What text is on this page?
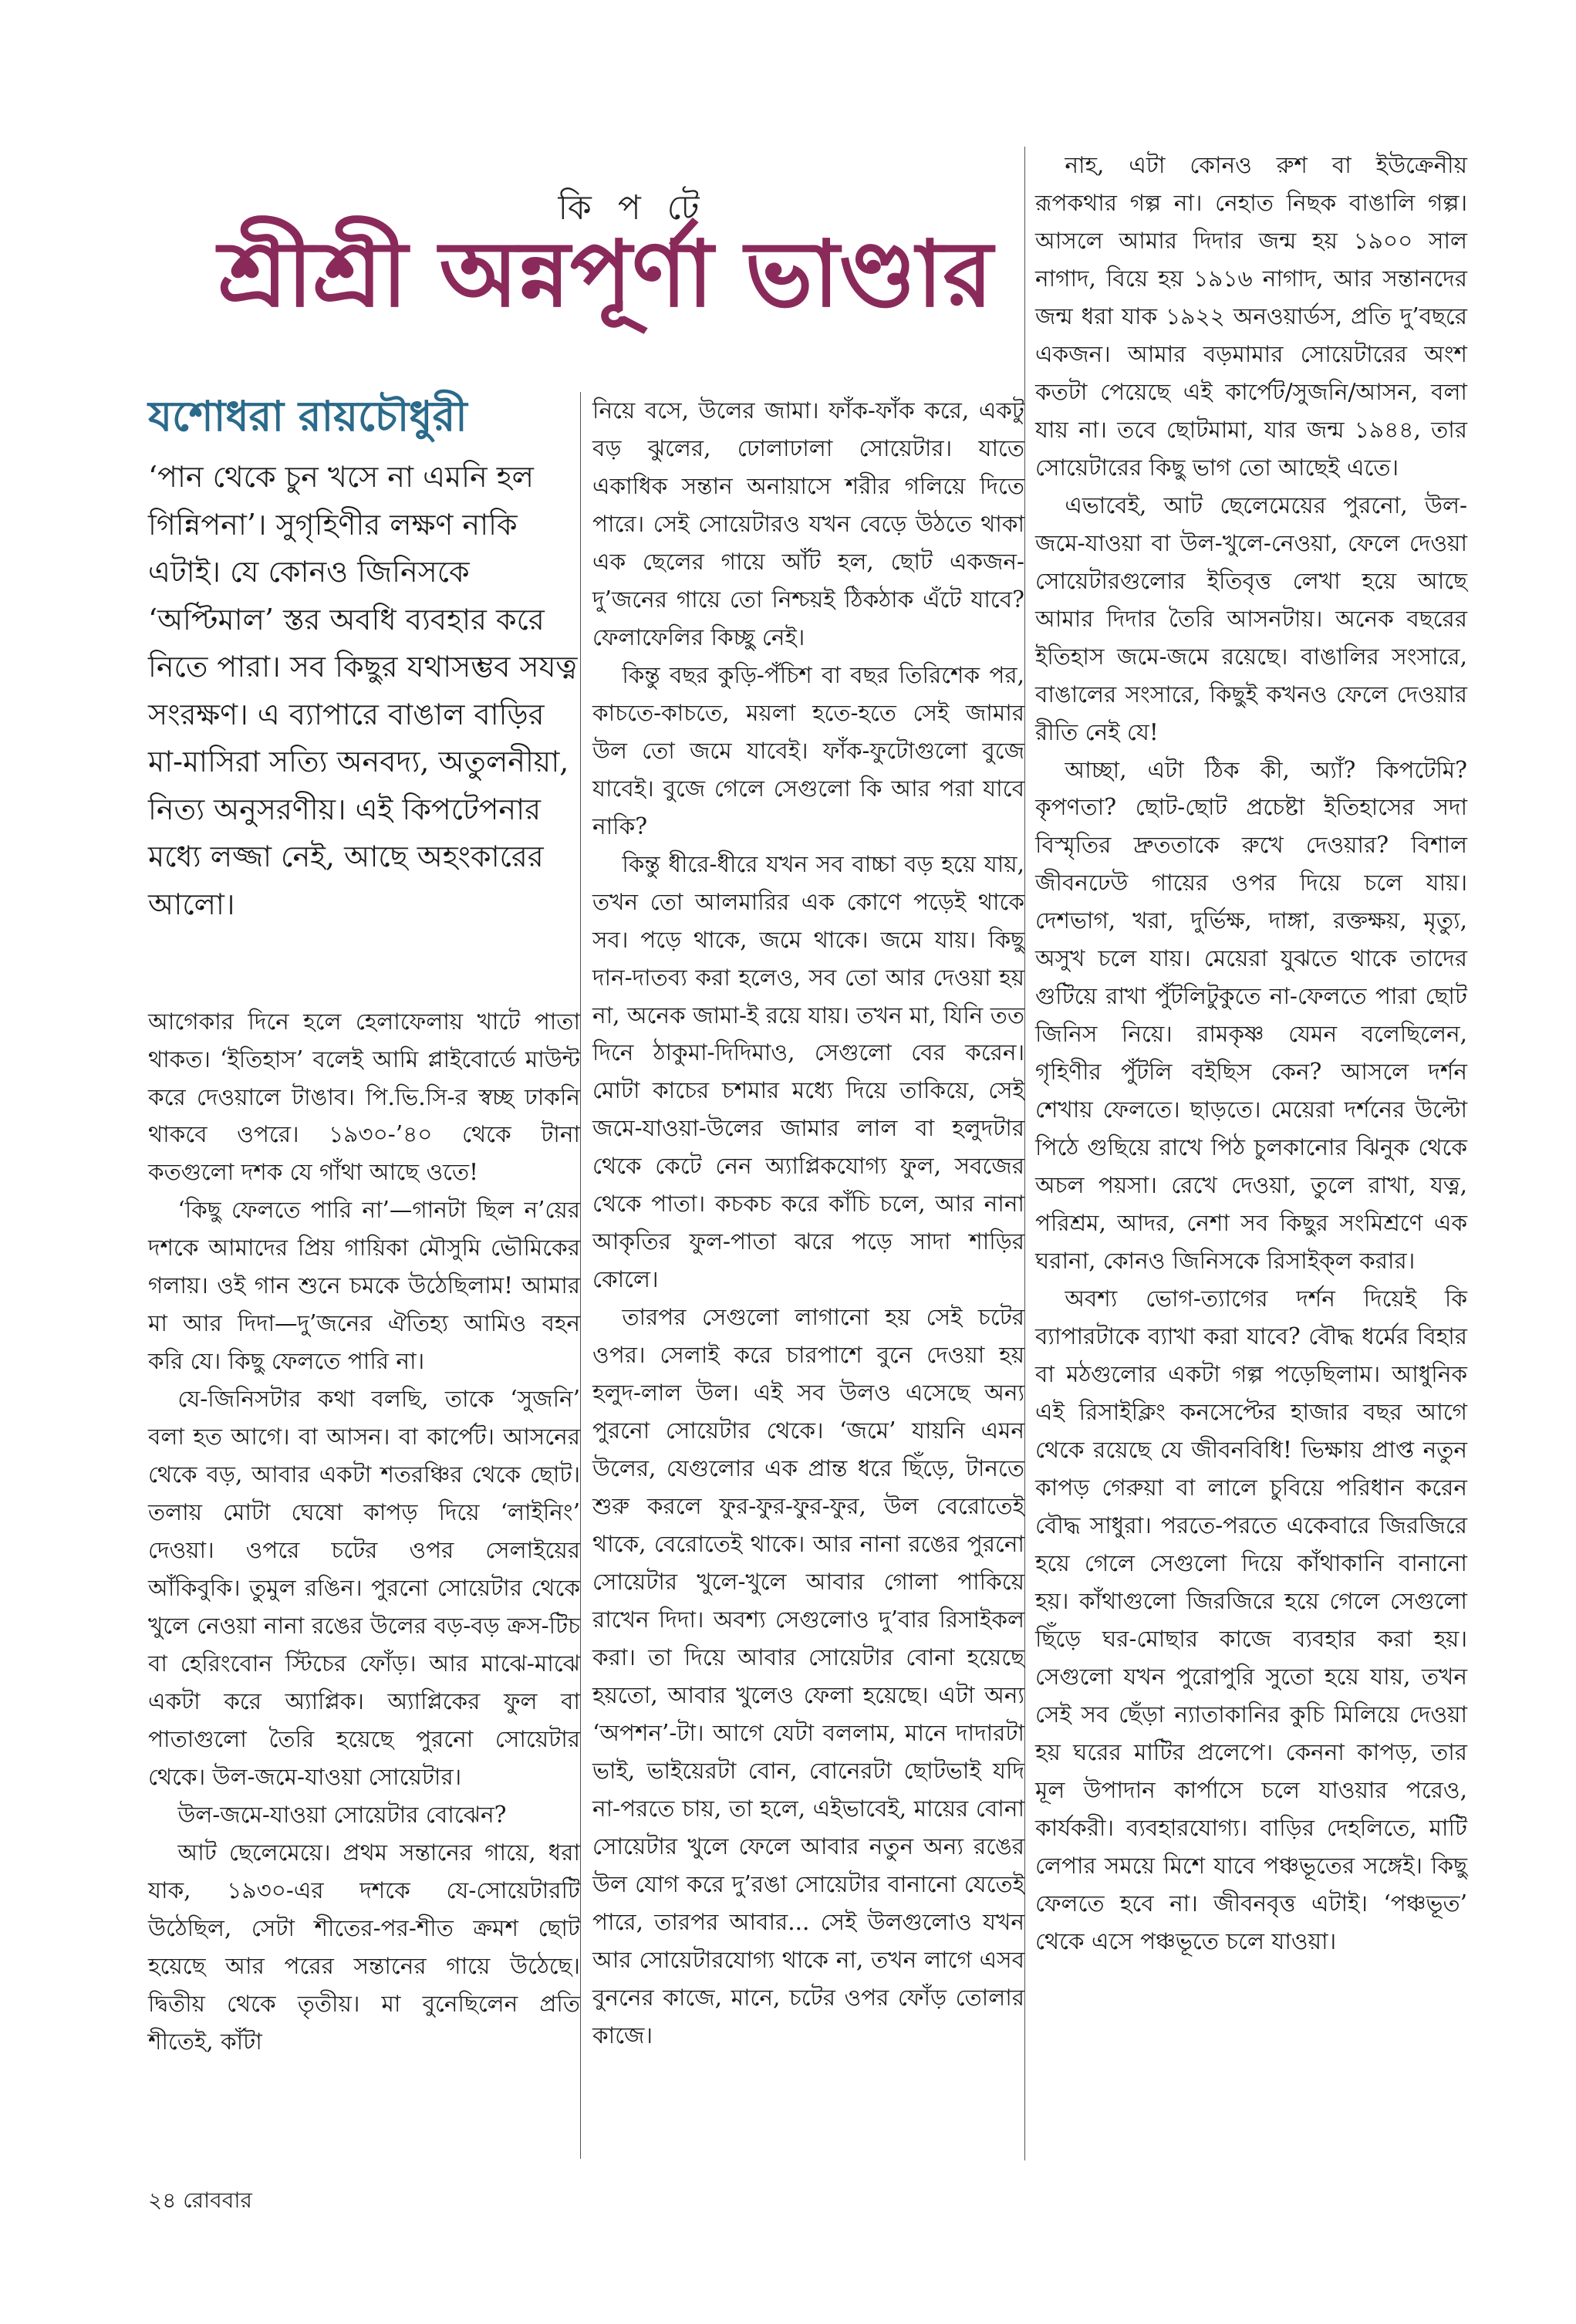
কি প টে
শ্রীশ্রী অন্নপূর্ণা ভাণ্ডার
যশোধরা রায়চৌধুরী
‘পান থেকে চুন খসে না এমনি হল গিন্নিপনা’। সুগৃহিণীর লক্ষণ নাকি এটাই। যে কোনও জিনিসকে ‘অপ্টিমাল’ স্তর অবধি ব্যবহার করে নিতে পারা। সব কিছুর যথাসম্ভব সযত্ন সংরক্ষণ। এ ব্যাপারে বাঙাল বাড়ির মা-মাসিরা সত্যি অনবদ্য, অতুলনীয়া, নিত্য অনুসরণীয়। এই কিপটেপনার মধ্যে লজ্জা নেই, আছে অহংকারের আলো।

আগেকার দিনে হলে হেলাফেলায় খাটে পাতা থাকত। ‘ইতিহাস’ বলেই আমি প্লাইবোর্ডে মাউন্ট করে দেওয়ালে টাঙাব। পি.ভি.সি-র স্বচ্ছ ঢাকনি থাকবে ওপরে। ১৯৩০-’৪০ থেকে টানা কতগুলো দশক যে গাঁথা আছে ওতে!

‘কিছু ফেলতে পারি না’—গানটা ছিল ন’য়ের দশকে আমাদের প্রিয় গায়িকা মৌসুমি ভৌমিকের গলায়। ওই গান শুনে চমকে উঠেছিলাম! আমার মা আর দিদা—দু’জনের ঐতিহ্য আমিও বহন করি যে। কিছু ফেলতে পারি না।

যে-জিনিসটার কথা বলছি, তাকে ‘সুজনি’ বলা হত আগে। বা আসন। বা কার্পেট। আসনের থেকে বড়, আবার একটা শতরঞ্চির থেকে ছোট। তলায় মোটা ঘেষো কাপড় দিয়ে ‘লাইনিং’ দেওয়া। ওপরে চটের ওপর সেলাইয়ের আঁকিবুকি। তুমুল রঙিন। পুরনো সোয়েটার থেকে খুলে নেওয়া নানা রঙের উলের বড়-বড় ক্রস-টিচ বা হেরিংবোন স্টিচের ফোঁড়। আর মাঝে-মাঝে একটা করে অ্যাপ্লিক। অ্যাপ্লিকের ফুল বা পাতাগুলো তৈরি হয়েছে পুরনো সোয়েটার থেকে। উল-জমে-যাওয়া সোয়েটার।

উল-জমে-যাওয়া সোয়েটার বোঝেন?

আট ছেলেমেয়ে। প্রথম সন্তানের গায়ে, ধরা যাক, ১৯৩০-এর দশকে যে-সোয়েটারটি উঠেছিল, সেটা শীতের-পর-শীত ক্রমশ ছোট হয়েছে আর পরের সন্তানের গায়ে উঠেছে। দ্বিতীয় থেকে তৃতীয়। মা বুনেছিলেন প্রতি শীতেই, কাঁটা

নিয়ে বসে, উলের জামা। ফাঁক-ফাঁক করে, একটু বড় ঝুলের, ঢোলাঢালা সোয়েটার। যাতে একাধিক সন্তান অনায়াসে শরীর গলিয়ে দিতে পারে। সেই সোয়েটারও যখন বেড়ে উঠতে থাকা এক ছেলের গায়ে আঁট হল, ছোট একজন-দু’জনের গায়ে তো নিশ্চয়ই ঠিকঠাক এঁটে যাবে? ফেলাফেলির কিচ্ছু নেই।

কিন্তু বছর কুড়ি-পঁচিশ বা বছর তিরিশেক পর, কাচতে-কাচতে, ময়লা হতে-হতে সেই জামার উল তো জমে যাবেই। ফাঁক-ফুটোগুলো বুজে যাবেই। বুজে গেলে সেগুলো কি আর পরা যাবে নাকি?

কিন্তু ধীরে-ধীরে যখন সব বাচ্চা বড় হয়ে যায়, তখন তো আলমারির এক কোণে পড়েই থাকে সব। পড়ে থাকে, জমে থাকে। জমে যায়। কিছু দান-দাতব্য করা হলেও, সব তো আর দেওয়া হয় না, অনেক জামা-ই রয়ে যায়। তখন মা, যিনি তত দিনে ঠাকুমা-দিদিমাও, সেগুলো বের করেন। মোটা কাচের চশমার মধ্যে দিয়ে তাকিয়ে, সেই জমে-যাওয়া-উলের জামার লাল বা হলুদটার থেকে কেটে নেন অ্যাপ্লিকযোগ্য ফুল, সবজের থেকে পাতা। কচকচ করে কাঁচি চলে, আর নানা আকৃতির ফুল-পাতা ঝরে পড়ে সাদা শাড়ির কোলে।

তারপর সেগুলো লাগানো হয় সেই চটের ওপর। সেলাই করে চারপাশে বুনে দেওয়া হয় হলুদ-লাল উল। এই সব উলও এসেছে অন্য পুরনো সোয়েটার থেকে। ‘জমে’ যায়নি এমন উলের, যেগুলোর এক প্রান্ত ধরে ছিঁড়ে, টানতে শুরু করলে ফুর-ফুর-ফুর-ফুর, উল বেরোতেই থাকে, বেরোতেই থাকে। আর নানা রঙের পুরনো সোয়েটার খুলে-খুলে আবার গোলা পাকিয়ে রাখেন দিদা। অবশ্য সেগুলোও দু’বার রিসাইকল করা। তা দিয়ে আবার সোয়েটার বোনা হয়েছে হয়তো, আবার খুলেও ফেলা হয়েছে। এটা অন্য ‘অপশন’-টা। আগে যেটা বললাম, মানে দাদারটা ভাই, ভাইয়েরটা বোন, বোনেরটা ছোটভাই যদি না-পরতে চায়, তা হলে, এইভাবেই, মায়ের বোনা সোয়েটার খুলে ফেলে আবার নতুন অন্য রঙের উল যোগ করে দু’রঙা সোয়েটার বানানো যেতেই পারে, তারপর আবার... সেই উলগুলোও যখন আর সোয়েটারযোগ্য থাকে না, তখন লাগে এসব বুননের কাজে, মানে, চটের ওপর ফোঁড় তোলার কাজে।

নাহ, এটা কোনও রুশ বা ইউক্রেনীয় রূপকথার গল্প না। নেহাত নিছক বাঙালি গল্প। আসলে আমার দিদার জন্ম হয় ১৯০০ সাল নাগাদ, বিয়ে হয় ১৯১৬ নাগাদ, আর সন্তানদের জন্ম ধরা যাক ১৯২২ অনওয়ার্ডস, প্রতি দু’বছরে একজন। আমার বড়মামার সোয়েটারের অংশ কতটা পেয়েছে এই কার্পেট/সুজনি/আসন, বলা যায় না। তবে ছোটমামা, যার জন্ম ১৯৪৪, তার সোয়েটারের কিছু ভাগ তো আছেই এতে।

এভাবেই, আট ছেলেমেয়ের পুরনো, উল-জমে-যাওয়া বা উল-খুলে-নেওয়া, ফেলে দেওয়া সোয়েটারগুলোর ইতিবৃত্ত লেখা হয়ে আছে আমার দিদার তৈরি আসনটায়। অনেক বছরের ইতিহাস জমে-জমে রয়েছে। বাঙালির সংসারে, বাঙালের সংসারে, কিছুই কখনও ফেলে দেওয়ার রীতি নেই যে!

আচ্ছা, এটা ঠিক কী, অ্যাঁ? কিপটেমি? কৃপণতা? ছোট-ছোট প্রচেষ্টা ইতিহাসের সদা বিস্মৃতির দ্রুততাকে রুখে দেওয়ার? বিশাল জীবনঢেউ গায়ের ওপর দিয়ে চলে যায়। দেশভাগ, খরা, দুর্ভিক্ষ, দাঙ্গা, রক্তক্ষয়, মৃত্যু, অসুখ চলে যায়। মেয়েরা যুঝতে থাকে তাদের গুটিয়ে রাখা পুঁটলিটুকুতে না-ফেলতে পারা ছোট জিনিস নিয়ে। রামকৃষ্ণ যেমন বলেছিলেন, গৃহিণীর পুঁটলি বইছিস কেন? আসলে দর্শন শেখায় ফেলতে। ছাড়তে। মেয়েরা দর্শনের উল্টো পিঠে গুছিয়ে রাখে পিঠ চুলকানোর ঝিনুক থেকে অচল পয়সা। রেখে দেওয়া, তুলে রাখা, যত্ন, পরিশ্রম, আদর, নেশা সব কিছুর সংমিশ্রণে এক ঘরানা, কোনও জিনিসকে রিসাইক্‌ল করার।

অবশ্য ভোগ-ত্যাগের দর্শন দিয়েই কি ব্যাপারটাকে ব্যাখা করা যাবে? বৌদ্ধ ধর্মের বিহার বা মঠগুলোর একটা গল্প পড়েছিলাম। আধুনিক এই রিসাইক্লিং কনসেপ্টের হাজার বছর আগে থেকে রয়েছে যে জীবনবিধি! ভিক্ষায় প্রাপ্ত নতুন কাপড় গেরুয়া বা লালে চুবিয়ে পরিধান করেন বৌদ্ধ সাধুরা। পরতে-পরতে একেবারে জিরজিরে হয়ে গেলে সেগুলো দিয়ে কাঁথাকানি বানানো হয়। কাঁথাগুলো জিরজিরে হয়ে গেলে সেগুলো ছিঁড়ে ঘর-মোছার কাজে ব্যবহার করা হয়। সেগুলো যখন পুরোপুরি সুতো হয়ে যায়, তখন সেই সব ছেঁড়া ন্যাতাকানির কুচি মিলিয়ে দেওয়া হয় ঘরের মাটির প্রলেপে। কেননা কাপড়, তার মূল উপাদান কার্পাসে চলে যাওয়ার পরেও, কার্যকরী। ব্যবহারযোগ্য। বাড়ির দেহলিতে, মাটি লেপার সময়ে মিশে যাবে পঞ্চভূতের সঙ্গেই। কিছু ফেলতে হবে না। জীবনবৃত্ত এটাই। ‘পঞ্চভূত’ থেকে এসে পঞ্চভূতে চলে যাওয়া।

২৪ রোববার
